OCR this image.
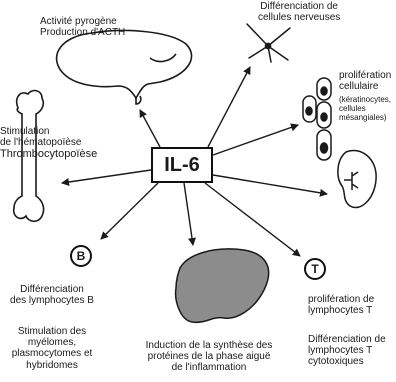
IL-6
Activité pyrogène
Production d'ACTH
Différenciation de
cellules nerveuses
prolifération
cellulaire
(kératinocytes,
cellules
mésangiales)
Stimulation
de l'hématopoïèse
Thrombocytopoïèse
B
Différenciation
des lymphocytes B
Stimulation des
myélomes,
plasmocytomes et
hybridomes
Induction de la synthèse des
protéines de la phase aiguë
de l'inflammation
T
prolifération de
lymphocytes T
Différenciation de
lymphocytes T
cytotoxiques
